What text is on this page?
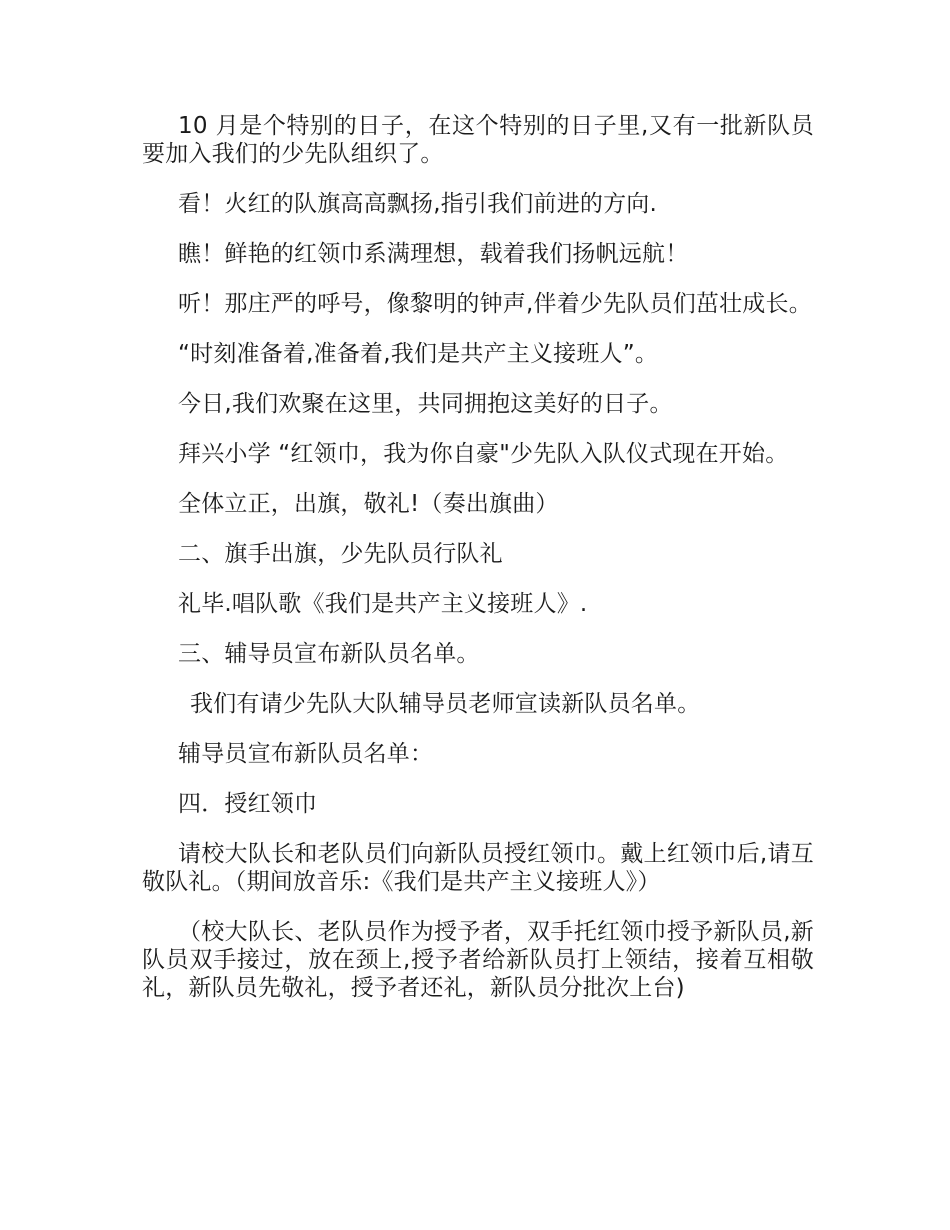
10 月是个特别的日子，在这个特别的日子里,又有一批新队员要加入我们的少先队组织了。

看！火红的队旗高高飘扬,指引我们前进的方向.

瞧！鲜艳的红领巾系满理想，载着我们扬帆远航！

听！那庄严的呼号，像黎明的钟声,伴着少先队员们茁壮成长。

“时刻准备着,准备着,我们是共产主义接班人”。

今日,我们欢聚在这里，共同拥抱这美好的日子。

拜兴小学 “红领巾，我为你自豪"少先队入队仪式现在开始。

全体立正，出旗，敬礼!（奏出旗曲）

二、旗手出旗，少先队员行队礼

礼毕.唱队歌《我们是共产主义接班人》.

三、辅导员宣布新队员名单。

我们有请少先队大队辅导员老师宣读新队员名单。

辅导员宣布新队员名单：

四．授红领巾

请校大队长和老队员们向新队员授红领巾。戴上红领巾后,请互敬队礼。（期间放音乐:《我们是共产主义接班人》）

（校大队长、老队员作为授予者，双手托红领巾授予新队员,新队员双手接过，放在颈上,授予者给新队员打上领结，接着互相敬礼，新队员先敬礼，授予者还礼，新队员分批次上台)
